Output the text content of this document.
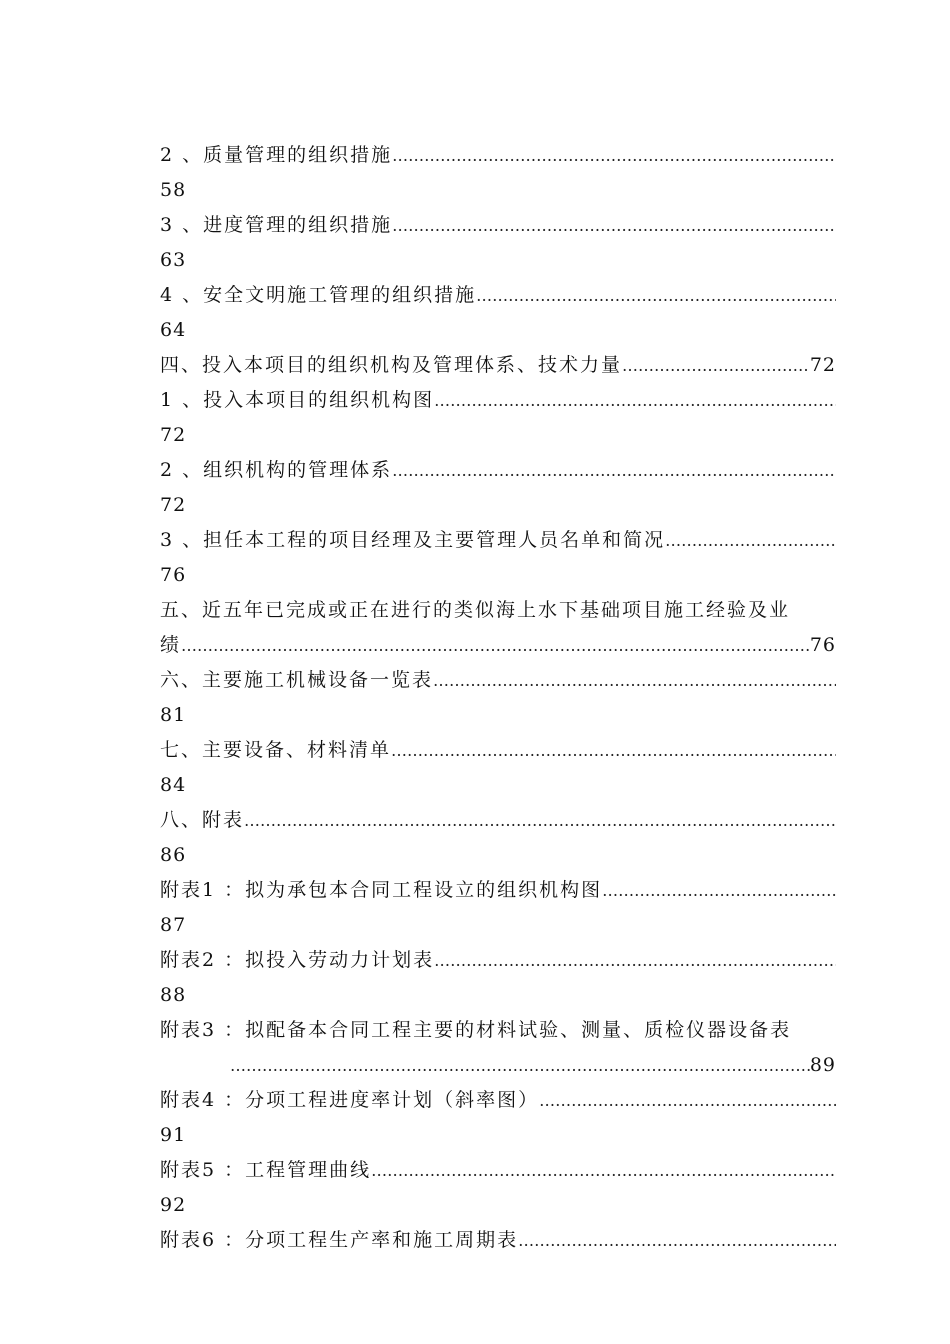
2 、质量管理的组织措施
…………………………………………………………………………………………………………………………………………………………………
58
3 、进度管理的组织措施
…………………………………………………………………………………………………………………………………………………………………
63
4 、安全文明施工管理的组织措施
…………………………………………………………………………………………………………………………………………………………………
64
四、投入本项目的组织机构及管理体系、技术力量 …………………………………………………………………………………………………………………………………………………………………	72
1 、投入本项目的组织机构图
…………………………………………………………………………………………………………………………………………………………………
72
2 、组织机构的管理体系
…………………………………………………………………………………………………………………………………………………………………
72
3 、担任本工程的项目经理及主要管理人员名单和简况
…………………………………………………………………………………………………………………………………………………………………
76
五、近五年已完成或正在进行的类似海上水下基础项目施工经验及业
绩 …………………………………………………………………………………………………………………………………………………………………	76
六、主要施工机械设备一览表
…………………………………………………………………………………………………………………………………………………………………
81
七、主要设备、材料清单
…………………………………………………………………………………………………………………………………………………………………
84
八、附表
…………………………………………………………………………………………………………………………………………………………………
86
附表1 ：拟为承包本合同工程设立的组织机构图
…………………………………………………………………………………………………………………………………………………………………
87
附表2 ：拟投入劳动力计划表
…………………………………………………………………………………………………………………………………………………………………
88
附表3 ：拟配备本合同工程主要的材料试验、测量、质检仪器设备表
…………………………………………………………………………………………………………………………………………………………………
89
附表4 ：分项工程进度率计划（斜率图）
…………………………………………………………………………………………………………………………………………………………………
91
附表5 ：工程管理曲线
…………………………………………………………………………………………………………………………………………………………………
92
附表6 ：分项工程生产率和施工周期表
…………………………………………………………………………………………………………………………………………………………………
